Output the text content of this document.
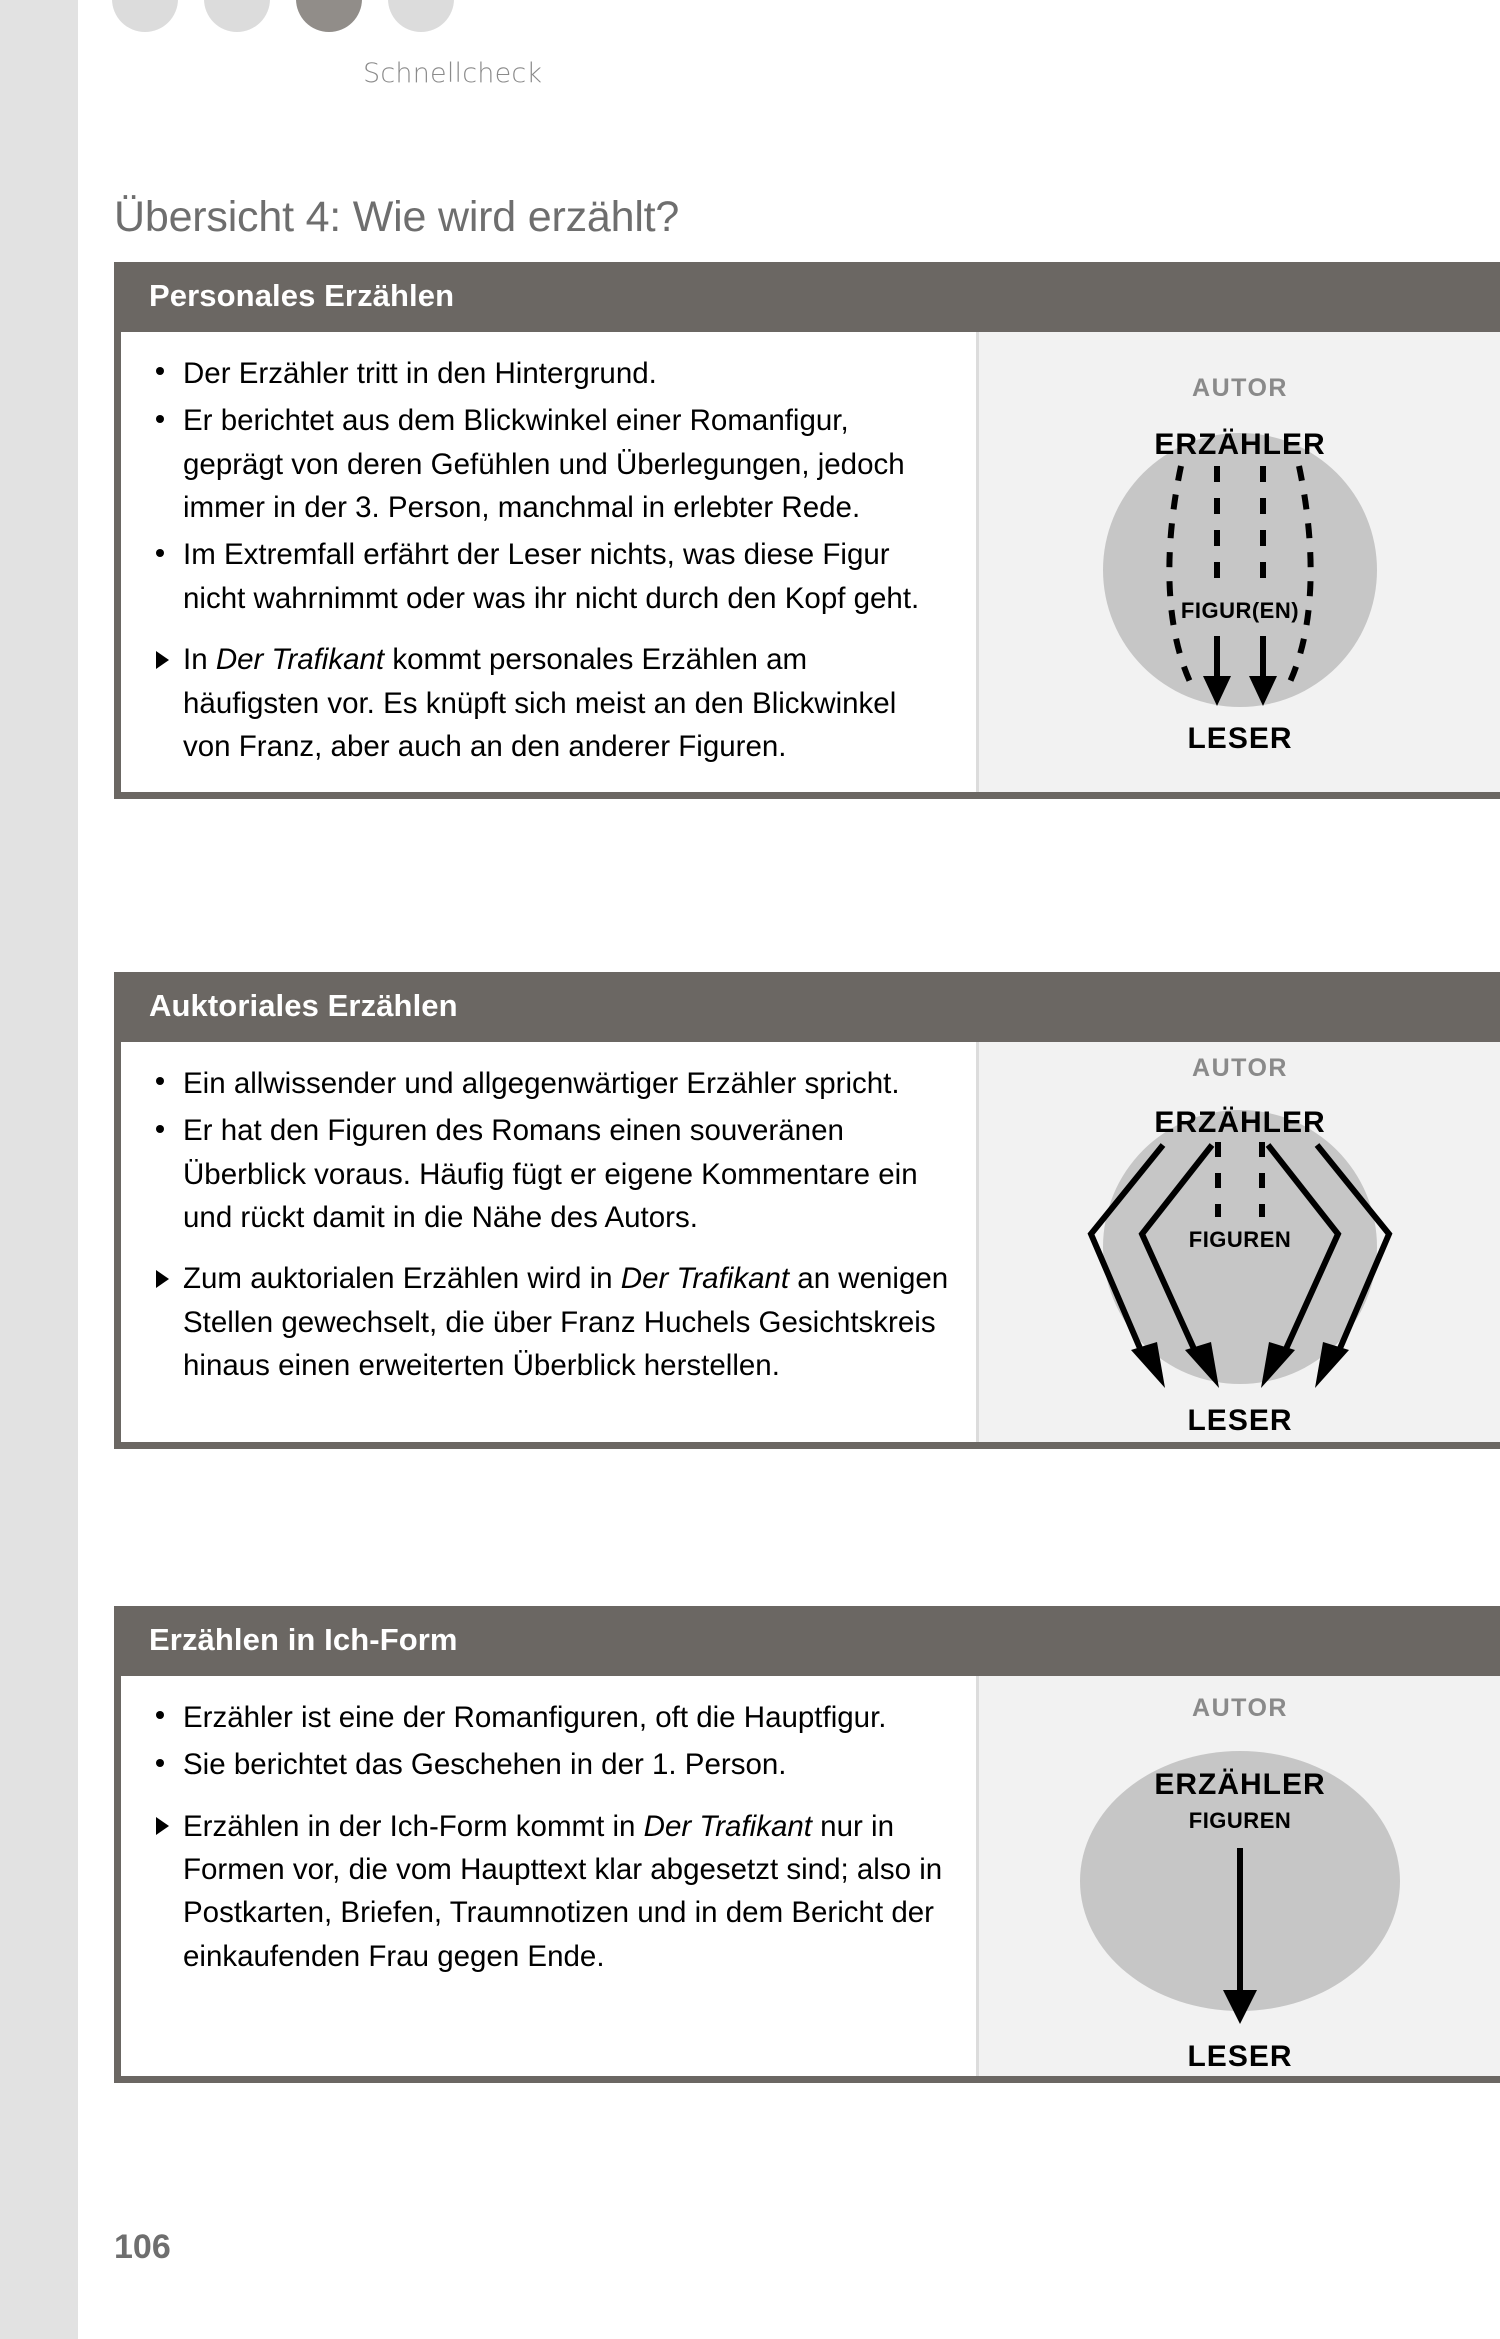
Schnellcheck
Übersicht 4: Wie wird erzählt?
Personales Erzählen
Der Erzähler tritt in den Hintergrund.
Er berichtet aus dem Blickwinkel einer Romanfigur, geprägt von deren Gefühlen und Überlegungen, jedoch immer in der 3. Person, manchmal in erlebter Rede.
Im Extremfall erfährt der Leser nichts, was diese Figur nicht wahrnimmt oder was ihr nicht durch den Kopf geht.
In Der Trafikant kommt personales Erzählen am häufigsten vor. Es knüpft sich meist an den Blickwinkel von Franz, aber auch an den anderer Figuren.
AUTOR
ERZÄHLER
FIGUR(EN)
LESER
Auktoriales Erzählen
Ein allwissender und allgegenwärtiger Erzähler spricht.
Er hat den Figuren des Romans einen souveränen Überblick voraus. Häufig fügt er eigene Kommentare ein und rückt damit in die Nähe des Autors.
Zum auktorialen Erzählen wird in Der Trafikant an wenigen Stellen gewechselt, die über Franz Huchels Gesichtskreis hinaus einen erweiterten Überblick herstellen.
AUTOR
ERZÄHLER
FIGUREN
LESER
Erzählen in Ich-Form
Erzähler ist eine der Romanfiguren, oft die Hauptfigur.
Sie berichtet das Geschehen in der 1. Person.
Erzählen in der Ich-Form kommt in Der Trafikant nur in Formen vor, die vom Haupttext klar abgesetzt sind; also in Postkarten, Briefen, Traumnotizen und in dem Bericht der einkaufenden Frau gegen Ende.
AUTOR
ERZÄHLER
FIGUREN
LESER
106
